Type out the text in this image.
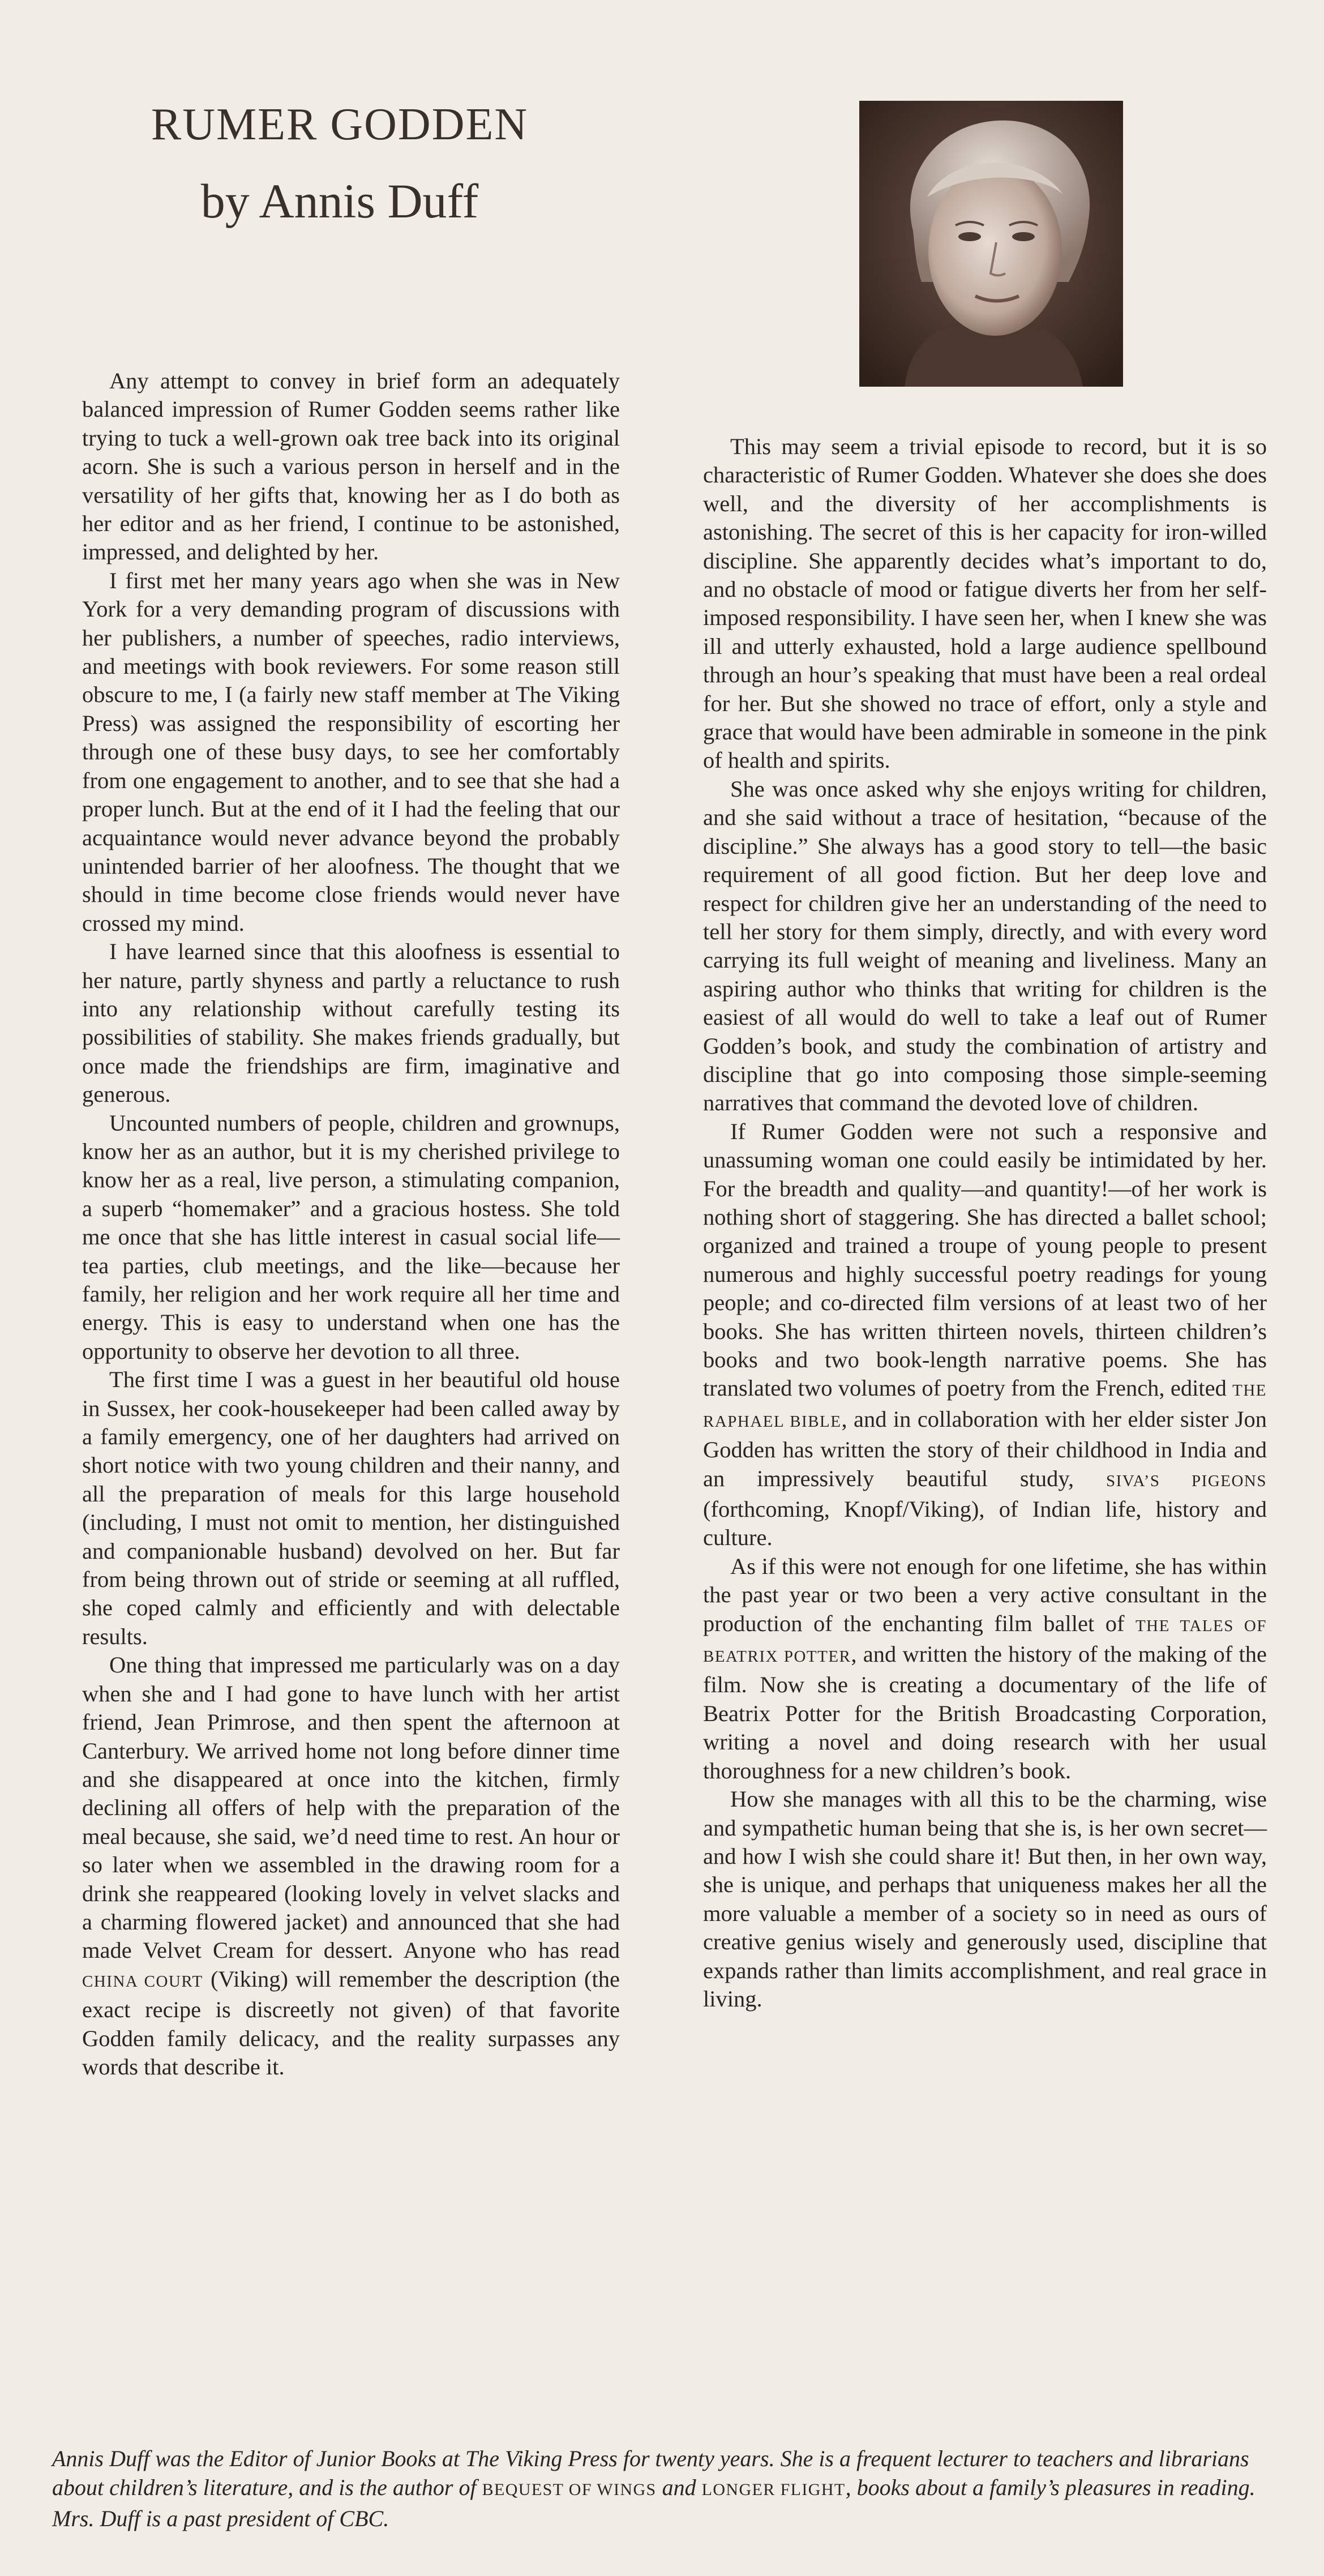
RUMER GODDEN
by Annis Duff

Any attempt to convey in brief form an adequately balanced impression of Rumer Godden seems rather like trying to tuck a well-grown oak tree back into its original acorn. She is such a various person in herself and in the versatility of her gifts that, knowing her as I do both as her editor and as her friend, I continue to be astonished, impressed, and delighted by her.

I first met her many years ago when she was in New York for a very demanding program of discussions with her publishers, a number of speeches, radio interviews, and meetings with book reviewers. For some reason still obscure to me, I (a fairly new staff member at The Viking Press) was assigned the responsibility of escorting her through one of these busy days, to see her comfortably from one engagement to another, and to see that she had a proper lunch. But at the end of it I had the feeling that our acquaintance would never advance beyond the probably unintended barrier of her aloofness. The thought that we should in time become close friends would never have crossed my mind.

I have learned since that this aloofness is essential to her nature, partly shyness and partly a reluctance to rush into any relationship without carefully testing its possibilities of stability. She makes friends gradually, but once made the friendships are firm, imaginative and generous.

Uncounted numbers of people, children and grownups, know her as an author, but it is my cherished privilege to know her as a real, live person, a stimulating companion, a superb “homemaker” and a gracious hostess. She told me once that she has little interest in casual social life—tea parties, club meetings, and the like—because her family, her religion and her work require all her time and energy. This is easy to understand when one has the opportunity to observe her devotion to all three.

The first time I was a guest in her beautiful old house in Sussex, her cook-housekeeper had been called away by a family emergency, one of her daughters had arrived on short notice with two young children and their nanny, and all the preparation of meals for this large household (including, I must not omit to mention, her distinguished and companionable husband) devolved on her. But far from being thrown out of stride or seeming at all ruffled, she coped calmly and efficiently and with delectable results.

One thing that impressed me particularly was on a day when she and I had gone to have lunch with her artist friend, Jean Primrose, and then spent the afternoon at Canterbury. We arrived home not long before dinner time and she disappeared at once into the kitchen, firmly declining all offers of help with the preparation of the meal because, she said, we’d need time to rest. An hour or so later when we assembled in the drawing room for a drink she reappeared (looking lovely in velvet slacks and a charming flowered jacket) and announced that she had made Velvet Cream for dessert. Anyone who has read CHINA COURT (Viking) will remember the description (the exact recipe is discreetly not given) of that favorite Godden family delicacy, and the reality surpasses any words that describe it.

This may seem a trivial episode to record, but it is so characteristic of Rumer Godden. Whatever she does she does well, and the diversity of her accomplishments is astonishing. The secret of this is her capacity for iron-willed discipline. She apparently decides what’s important to do, and no obstacle of mood or fatigue diverts her from her self-imposed responsibility. I have seen her, when I knew she was ill and utterly exhausted, hold a large audience spellbound through an hour’s speaking that must have been a real ordeal for her. But she showed no trace of effort, only a style and grace that would have been admirable in someone in the pink of health and spirits.

She was once asked why she enjoys writing for children, and she said without a trace of hesitation, “because of the discipline.” She always has a good story to tell—the basic requirement of all good fiction. But her deep love and respect for children give her an understanding of the need to tell her story for them simply, directly, and with every word carrying its full weight of meaning and liveliness. Many an aspiring author who thinks that writing for children is the easiest of all would do well to take a leaf out of Rumer Godden’s book, and study the combination of artistry and discipline that go into composing those simple-seeming narratives that command the devoted love of children.

If Rumer Godden were not such a responsive and unassuming woman one could easily be intimidated by her. For the breadth and quality—and quantity!—of her work is nothing short of staggering. She has directed a ballet school; organized and trained a troupe of young people to present numerous and highly successful poetry readings for young people; and co-directed film versions of at least two of her books. She has written thirteen novels, thirteen children’s books and two book-length narrative poems. She has translated two volumes of poetry from the French, edited THE RAPHAEL BIBLE, and in collaboration with her elder sister Jon Godden has written the story of their childhood in India and an impressively beautiful study, SIVA’S PIGEONS (forthcoming, Knopf/Viking), of Indian life, history and culture.

As if this were not enough for one lifetime, she has within the past year or two been a very active consultant in the production of the enchanting film ballet of THE TALES OF BEATRIX POTTER, and written the history of the making of the film. Now she is creating a documentary of the life of Beatrix Potter for the British Broadcasting Corporation, writing a novel and doing research with her usual thoroughness for a new children’s book.

How she manages with all this to be the charming, wise and sympathetic human being that she is, is her own secret—and how I wish she could share it! But then, in her own way, she is unique, and perhaps that uniqueness makes her all the more valuable a member of a society so in need as ours of creative genius wisely and generously used, discipline that expands rather than limits accomplishment, and real grace in living.

Annis Duff was the Editor of Junior Books at The Viking Press for twenty years. She is a frequent lecturer to teachers and librarians about children’s literature, and is the author of BEQUEST OF WINGS and LONGER FLIGHT, books about a family’s pleasures in reading. Mrs. Duff is a past president of CBC.
